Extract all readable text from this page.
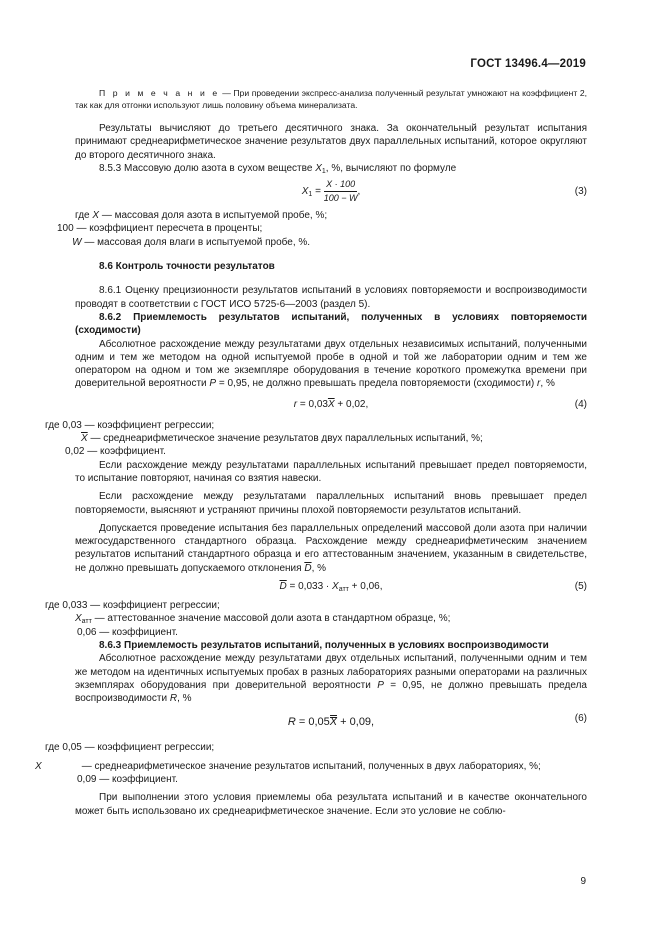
ГОСТ 13496.4—2019

П р и м е ч а н и е — При проведении экспресс-анализа полученный результат умножают на коэффициент 2, так как для отгонки используют лишь половину объема минерализата.

Результаты вычисляют до третьего десятичного знака. За окончательный результат испытания принимают среднеарифметическое значение результатов двух параллельных испытаний, которое округляют до второго десятичного знака.

8.5.3 Массовую долю азота в сухом веществе $X_1$, %, вычисляют по формуле

$X_1 = \frac{X \cdot 100}{100 - W}$ ,	(3)

где X — массовая доля азота в испытуемой пробе, %;

100 — коэффициент пересчета в проценты;

W — массовая доля влаги в испытуемой пробе, %.

8.6 Контроль точности результатов

8.6.1 Оценку прецизионности результатов испытаний в условиях повторяемости и воспроизводимости проводят в соответствии с ГОСТ ИСО 5725-6—2003 (раздел 5).

8.6.2 Приемлемость результатов испытаний, полученных в условиях повторяемости (сходимости)

Абсолютное расхождение между результатами двух отдельных независимых испытаний, полученными одним и тем же методом на одной испытуемой пробе в одной и той же лаборатории одним и тем же оператором на одном и том же экземпляре оборудования в течение короткого промежутка времени при доверительной вероятности P = 0,95, не должно превышать предела повторяемости (сходимости) r, %

$r = 0,03\overline{X} + 0,02$,	(4)

где 0,03 — коэффициент регрессии;

$\overline{X}$ — среднеарифметическое значение результатов двух параллельных испытаний, %;

0,02 — коэффициент.

Если расхождение между результатами параллельных испытаний превышает предел повторяемости, то испытание повторяют, начиная со взятия навески.

Если расхождение между результатами параллельных испытаний вновь превышает предел повторяемости, выясняют и устраняют причины плохой повторяемости результатов испытаний.

Допускается проведение испытания без параллельных определений массовой доли азота при наличии межгосударственного стандартного образца. Расхождение между среднеарифметическим значением результатов испытаний стандартного образца и его аттестованным значением, указанным в свидетельстве, не должно превышать допускаемого отклонения $\overline{D}$, %

$\overline{D} = 0,033 \cdot X_{атт} + 0,06$,	(5)

где 0,033 — коэффициент регрессии;

$X_{атт}$ — аттестованное значение массовой доли азота в стандартном образце, %;

0,06 — коэффициент.

8.6.3 Приемлемость результатов испытаний, полученных в условиях воспроизводимости

Абсолютное расхождение между результатами двух отдельных испытаний, полученными одним и тем же методом на идентичных испытуемых пробах в разных лабораториях разными операторами на различных экземплярах оборудования при доверительной вероятности P = 0,95, не должно превышать предела воспроизводимости R, %

R = 0,05X + 0,09,	(6)

где 0,05 — коэффициент регрессии;

X	— среднеарифметическое значение результатов испытаний, полученных в двух лабораториях, %;

0,09 — коэффициент.

При выполнении этого условия приемлемы оба результата испытаний и в качестве окончательного может быть использовано их среднеарифметическое значение. Если это условие не соблю-

9
